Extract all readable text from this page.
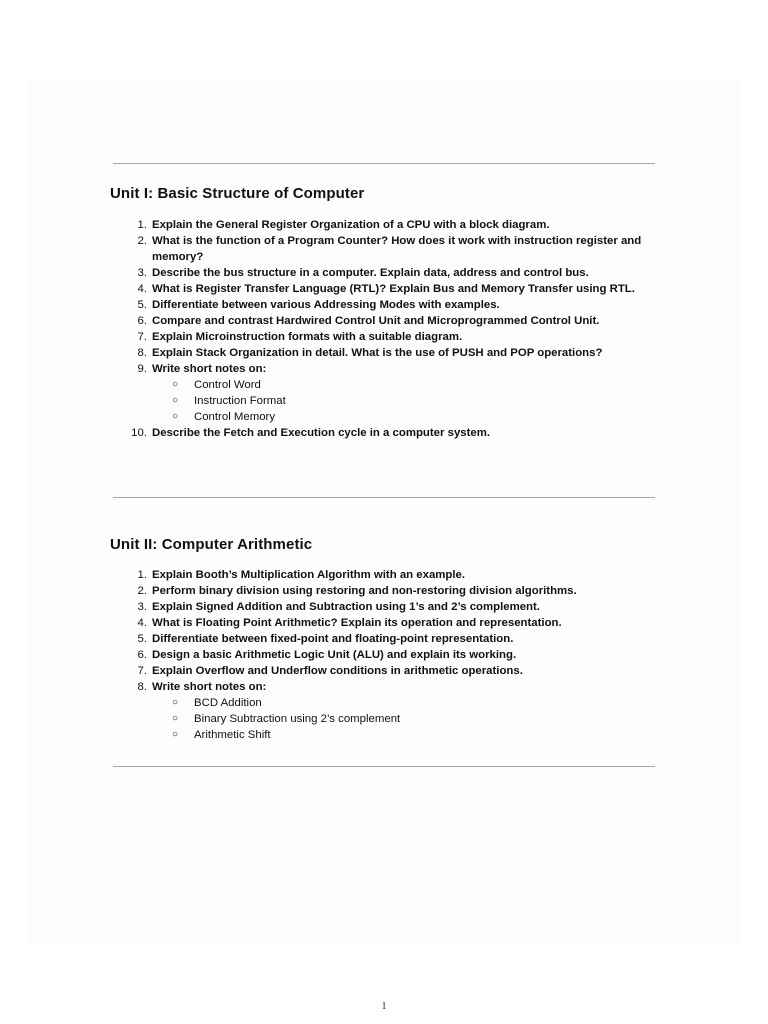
Unit I: Basic Structure of Computer
1. Explain the General Register Organization of a CPU with a block diagram.
2. What is the function of a Program Counter? How does it work with instruction register and memory?
3. Describe the bus structure in a computer. Explain data, address and control bus.
4. What is Register Transfer Language (RTL)? Explain Bus and Memory Transfer using RTL.
5. Differentiate between various Addressing Modes with examples.
6. Compare and contrast Hardwired Control Unit and Microprogrammed Control Unit.
7. Explain Microinstruction formats with a suitable diagram.
8. Explain Stack Organization in detail. What is the use of PUSH and POP operations?
9. Write short notes on:
○ Control Word
○ Instruction Format
○ Control Memory
10. Describe the Fetch and Execution cycle in a computer system.
Unit II: Computer Arithmetic
1. Explain Booth’s Multiplication Algorithm with an example.
2. Perform binary division using restoring and non-restoring division algorithms.
3. Explain Signed Addition and Subtraction using 1’s and 2’s complement.
4. What is Floating Point Arithmetic? Explain its operation and representation.
5. Differentiate between fixed-point and floating-point representation.
6. Design a basic Arithmetic Logic Unit (ALU) and explain its working.
7. Explain Overflow and Underflow conditions in arithmetic operations.
8. Write short notes on:
○ BCD Addition
○ Binary Subtraction using 2’s complement
○ Arithmetic Shift
1
